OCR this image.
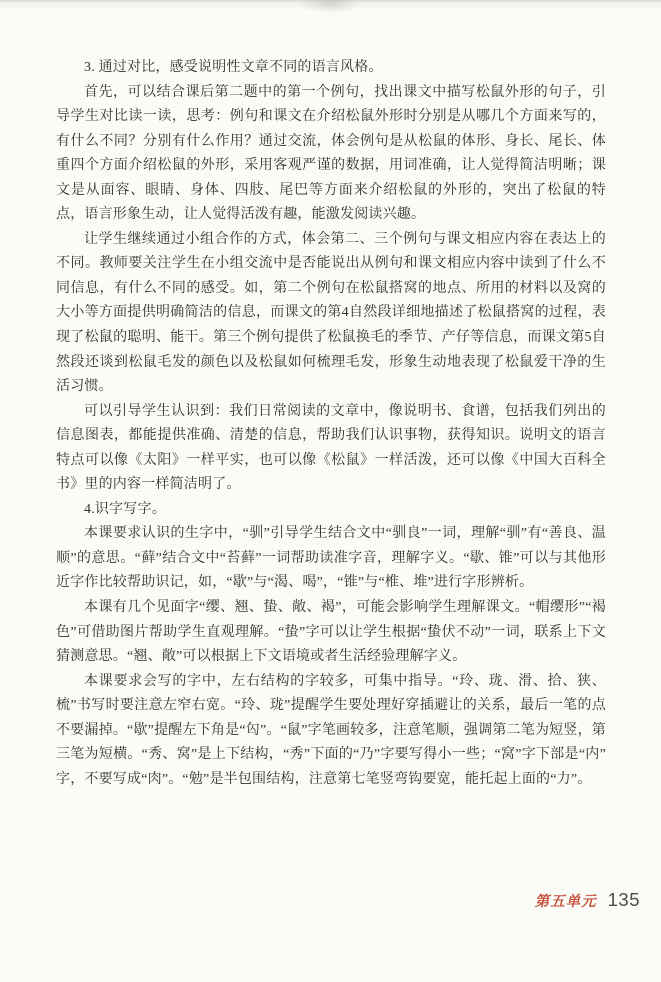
3. 通过对比，感受说明性文章不同的语言风格。

首先，可以结合课后第二题中的第一个例句，找出课文中描写松鼠外形的句子，引导学生对比读一读，思考：例句和课文在介绍松鼠外形时分别是从哪几个方面来写的，有什么不同？分别有什么作用？通过交流，体会例句是从松鼠的体形、身长、尾长、体重四个方面介绍松鼠的外形，采用客观严谨的数据，用词准确，让人觉得简洁明晰；课文是从面容、眼睛、身体、四肢、尾巴等方面来介绍松鼠的外形的，突出了松鼠的特点，语言形象生动，让人觉得活泼有趣，能激发阅读兴趣。

让学生继续通过小组合作的方式，体会第二、三个例句与课文相应内容在表达上的不同。教师要关注学生在小组交流中是否能说出从例句和课文相应内容中读到了什么不同信息，有什么不同的感受。如，第二个例句在松鼠搭窝的地点、所用的材料以及窝的大小等方面提供明确简洁的信息，而课文的第4自然段详细地描述了松鼠搭窝的过程，表现了松鼠的聪明、能干。第三个例句提供了松鼠换毛的季节、产仔等信息，而课文第5自然段还谈到松鼠毛发的颜色以及松鼠如何梳理毛发，形象生动地表现了松鼠爱干净的生活习惯。

可以引导学生认识到：我们日常阅读的文章中，像说明书、食谱，包括我们列出的信息图表，都能提供准确、清楚的信息，帮助我们认识事物，获得知识。说明文的语言特点可以像《太阳》一样平实，也可以像《松鼠》一样活泼，还可以像《中国大百科全书》里的内容一样简洁明了。

4.识字写字。

本课要求认识的生字中，“驯”引导学生结合文中“驯良”一词，理解“驯”有“善良、温顺”的意思。“藓”结合文中“苔藓”一词帮助读准字音，理解字义。“歇、锥”可以与其他形近字作比较帮助识记，如，“歇”与“渴、喝”，“锥”与“椎、堆”进行字形辨析。

本课有几个见面字“缨、翘、蛰、敞、褐”，可能会影响学生理解课文。“帽缨形”“褐色”可借助图片帮助学生直观理解。“蛰”字可以让学生根据“蛰伏不动”一词，联系上下文猜测意思。“翘、敞”可以根据上下文语境或者生活经验理解字义。

本课要求会写的字中，左右结构的字较多，可集中指导。“玲、珑、滑、拾、狭、梳”书写时要注意左窄右宽。“玲、珑”提醒学生要处理好穿插避让的关系，最后一笔的点不要漏掉。“歇”提醒左下角是“匃”。“鼠”字笔画较多，注意笔顺，强调第二笔为短竖，第三笔为短横。“秀、窝”是上下结构，“秀”下面的“乃”字要写得小一些；“窝”字下部是“内”字，不要写成“肉”。“勉”是半包围结构，注意第七笔竖弯钩要宽，能托起上面的“力”。

第五单元 135
